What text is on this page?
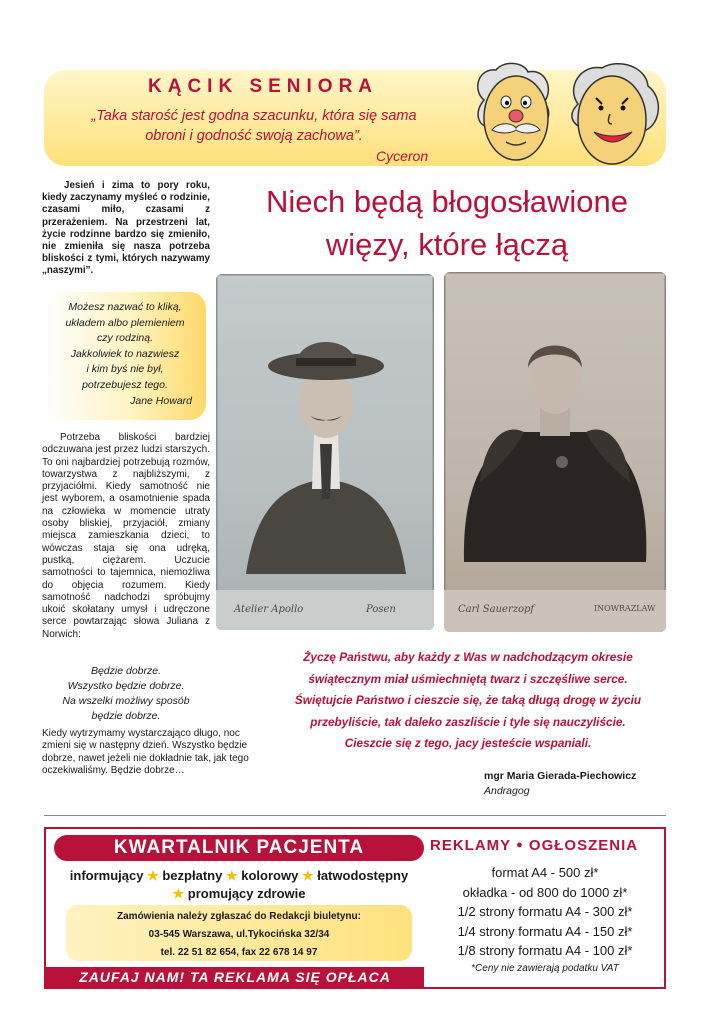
KĄCIK SENIORA
„Taka starość jest godna szacunku, która się sama
obroni i godność swoją zachowa”.
Cyceron
Niech będą błogosławione
więzy, które łączą

Jesień i zima to pory roku, kiedy zaczynamy myśleć o rodzinie, czasami miło, czasami z przerażeniem. Na przestrzeni lat, życie rodzinne bardzo się zmieniło, nie zmieniła się nasza potrzeba bliskości z tymi, których nazywamy „naszymi”.

Możesz nazwać to kliką,
układem albo plemieniem
czy rodziną.
Jakkolwiek to nazwiesz
i kim byś nie był,
potrzebujesz tego.
Jane Howard

Potrzeba bliskości bardziej odczuwana jest przez ludzi starszych. To oni najbardziej potrzebują rozmów, towarzystwa z najbliższymi, z przyjaciółmi. Kiedy samotność nie jest wyborem, a osamotnienie spada na człowieka w momencie utraty osoby bliskiej, przyjaciół, zmiany miejsca zamieszkania dzieci, to wówczas staja się ona udręką, pustką, ciężarem. Uczucie samotności to tajemnica, niemożliwa do objęcia rozumem. Kiedy samotność nadchodzi spróbujmy ukoić skołatany umysł i udręczone serce powtarzając słowa Juliana z Norwich:

Będzie dobrze.
Wszystko będzie dobrze.
Na wszelki możliwy sposób
będzie dobrze.

Kiedy wytrzymamy wystarczająco długo, noc zmieni się w następny dzień. Wszystko będzie dobrze, nawet jeżeli nie dokładnie tak, jak tego oczekiwaliśmy. Będzie dobrze…

Atelier Apollo	Posen	Carl Sauerzopf	INOWRAZLAW
Życzę Państwu, aby każdy z Was w nadchodzącym okresie
świątecznym miał uśmiechniętą twarz i szczęśliwe serce.
Świętujcie Państwo i cieszcie się, że taką długą drogę w życiu
przebyliście, tak daleko zaszliście i tyle się nauczyliście.
Cieszcie się z tego, jacy jesteście wspaniali.
mgr Maria Gierada-Piechowicz
Andragog
KWARTALNIK PACJENTA
informujący ★ bezpłatny ★ kolorowy ★ łatwodostępny
★ promujący zdrowie
Zamówienia należy zgłaszać do Redakcji biuletynu:
03-545 Warszawa, ul.Tykocińska 32/34
tel. 22 51 82 654, fax 22 678 14 97
ZAUFAJ NAM! TA REKLAMA SIĘ OPŁACA
REKLAMY ● OGŁOSZENIA
format A4 - 500 zł*
okładka - od 800 do 1000 zł*
1/2 strony formatu A4 - 300 zł*
1/4 strony formatu A4 - 150 zł*
1/8 strony formatu A4 - 100 zł*
*Ceny nie zawierają podatku VAT
